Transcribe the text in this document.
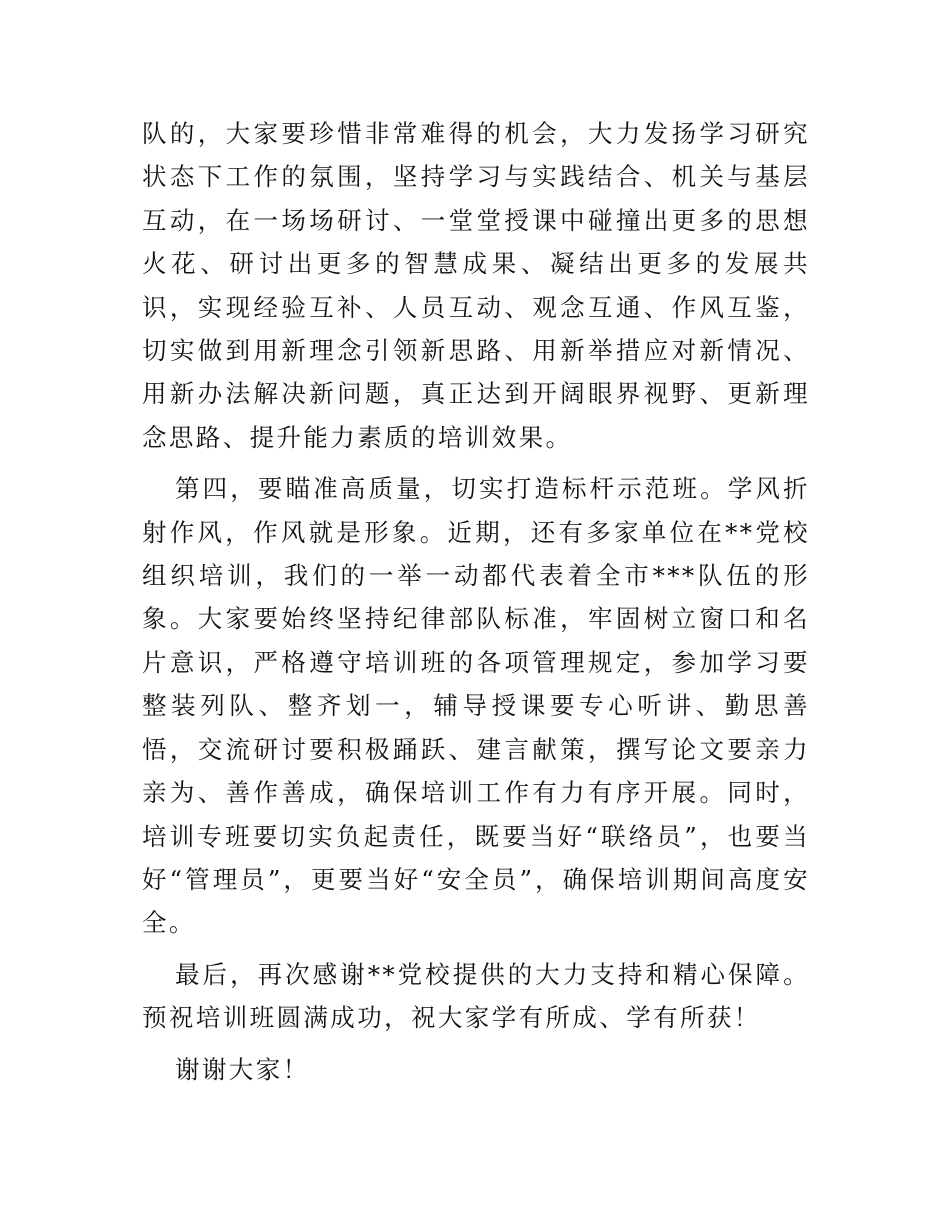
队的，大家要珍惜非常难得的机会，大力发扬学习研究状态下工作的氛围，坚持学习与实践结合、机关与基层互动，在一场场研讨、一堂堂授课中碰撞出更多的思想火花、研讨出更多的智慧成果、凝结出更多的发展共识，实现经验互补、人员互动、观念互通、作风互鉴，切实做到用新理念引领新思路、用新举措应对新情况、用新办法解决新问题，真正达到开阔眼界视野、更新理念思路、提升能力素质的培训效果。

第四，要瞄准高质量，切实打造标杆示范班。学风折射作风，作风就是形象。近期，还有多家单位在**党校组织培训，我们的一举一动都代表着全市***队伍的形象。大家要始终坚持纪律部队标准，牢固树立窗口和名片意识，严格遵守培训班的各项管理规定，参加学习要整装列队、整齐划一，辅导授课要专心听讲、勤思善悟，交流研讨要积极踊跃、建言献策，撰写论文要亲力亲为、善作善成，确保培训工作有力有序开展。同时，培训专班要切实负起责任，既要当好“联络员”，也要当好“管理员”，更要当好“安全员”，确保培训期间高度安全。

最后，再次感谢**党校提供的大力支持和精心保障。预祝培训班圆满成功，祝大家学有所成、学有所获！

谢谢大家！
